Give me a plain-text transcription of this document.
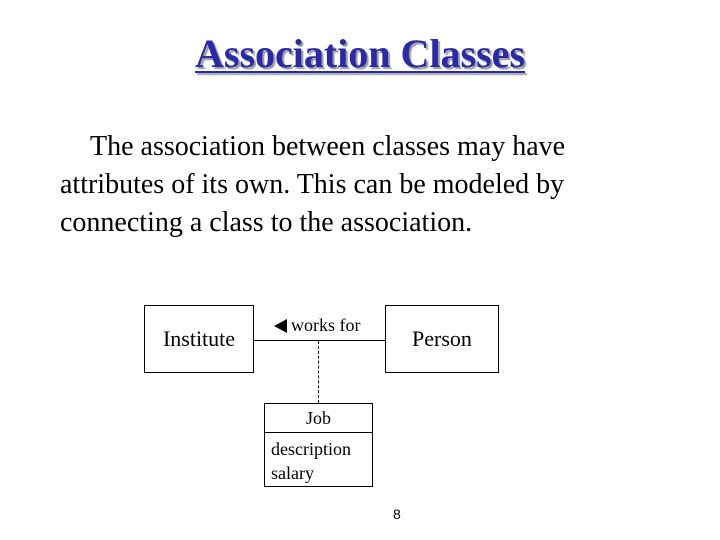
Association Classes

The association between classes may have
attributes of its own. This can be modeled by
connecting a class to the association.

Institute	Person
works for
Job
description
salary
8
